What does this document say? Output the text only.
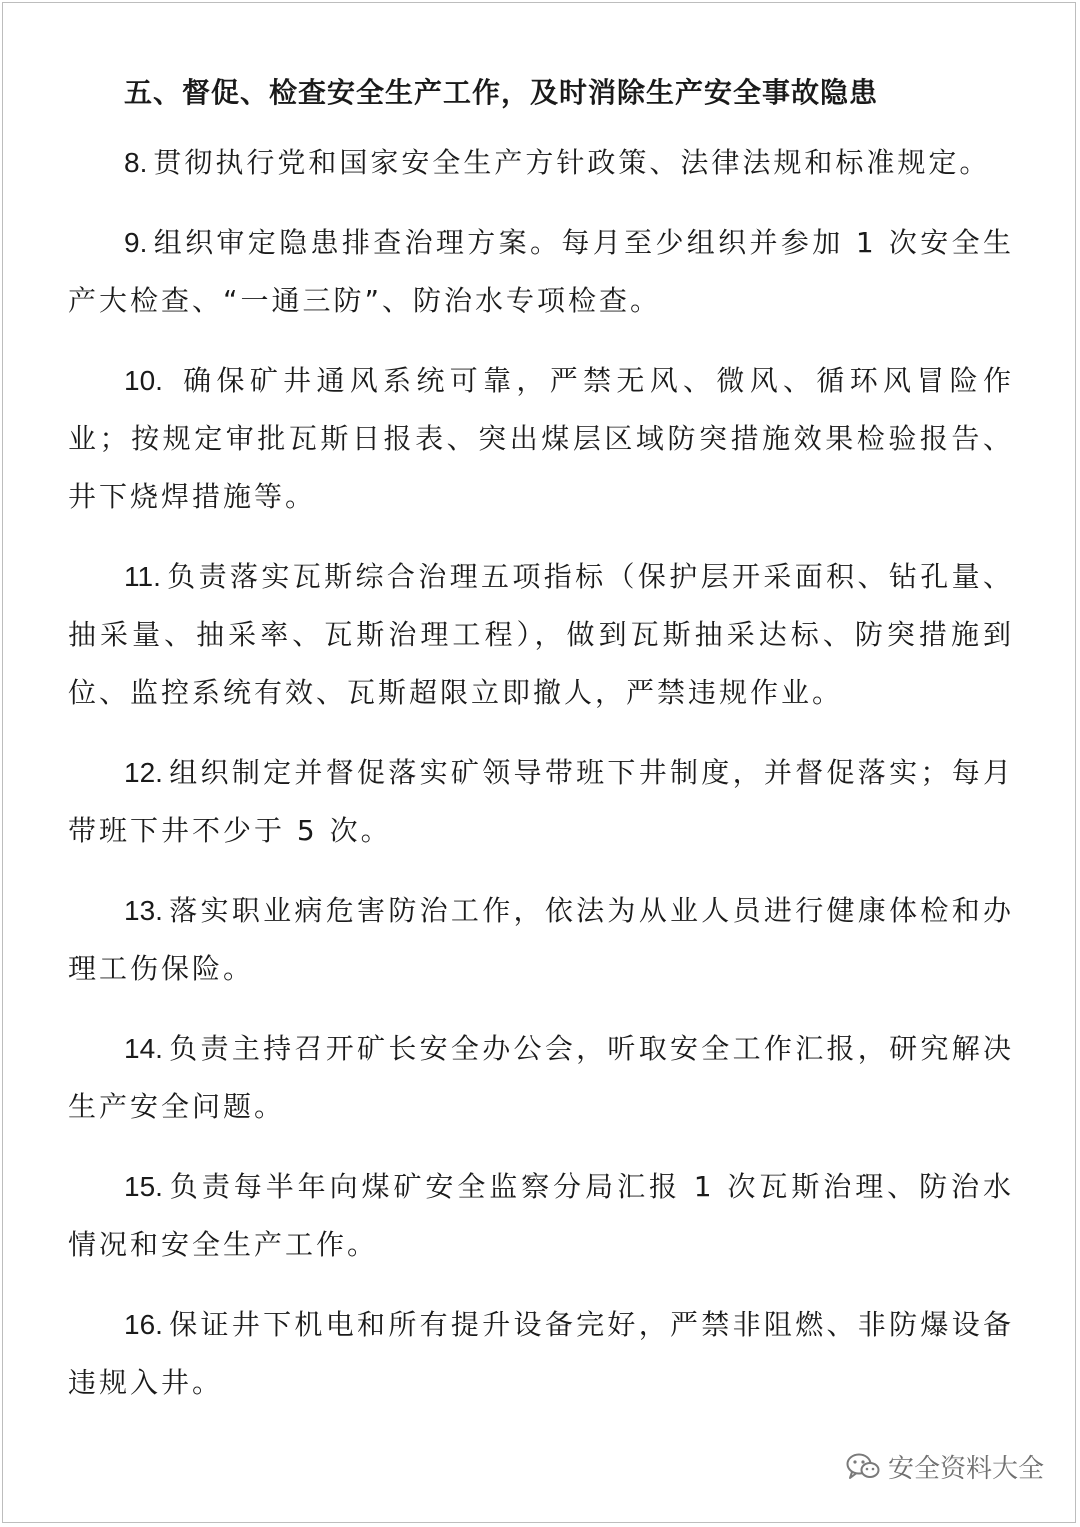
五、督促、检查安全生产工作，及时消除生产安全事故隐患

8. 贯彻执行党和国家安全生产方针政策、法律法规和标准规定。

9. 组织审定隐患排查治理方案。每月至少组织并参加 1 次安全生产大检查、“一通三防”、防治水专项检查。

10. 确保矿井通风系统可靠，严禁无风、微风、循环风冒险作业；按规定审批瓦斯日报表、突出煤层区域防突措施效果检验报告、井下烧焊措施等。

11. 负责落实瓦斯综合治理五项指标（保护层开采面积、钻孔量、抽采量、抽采率、瓦斯治理工程），做到瓦斯抽采达标、防突措施到位、监控系统有效、瓦斯超限立即撤人，严禁违规作业。

12. 组织制定并督促落实矿领导带班下井制度，并督促落实；每月带班下井不少于 5 次。

13. 落实职业病危害防治工作，依法为从业人员进行健康体检和办理工伤保险。

14. 负责主持召开矿长安全办公会，听取安全工作汇报，研究解决生产安全问题。

15. 负责每半年向煤矿安全监察分局汇报 1 次瓦斯治理、防治水情况和安全生产工作。

16. 保证井下机电和所有提升设备完好，严禁非阻燃、非防爆设备违规入井。

安全资料大全
